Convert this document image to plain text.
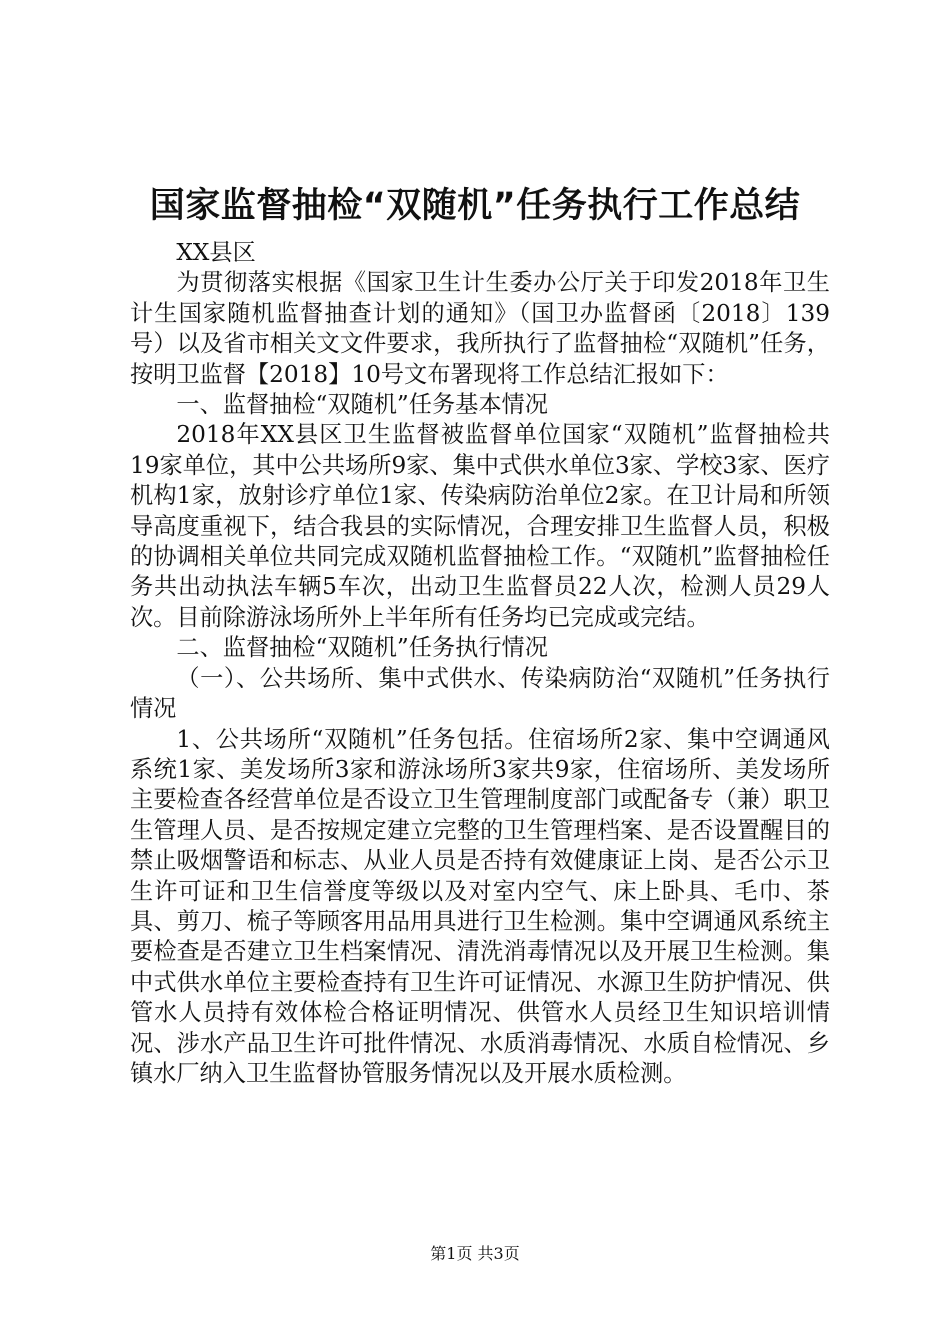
国家监督抽检“双随机”任务执行工作总结

XX县区

为贯彻落实根据《国家卫生计生委办公厅关于印发2018年卫生计生国家随机监督抽查计划的通知》（国卫办监督函〔2018〕139号）以及省市相关文文件要求，我所执行了监督抽检“双随机”任务，按明卫监督【2018】10号文布署现将工作总结汇报如下：

一、监督抽检“双随机”任务基本情况

2018年XX县区卫生监督被监督单位国家“双随机”监督抽检共19家单位，其中公共场所9家、集中式供水单位3家、学校3家、医疗机构1家，放射诊疗单位1家、传染病防治单位2家。在卫计局和所领导高度重视下，结合我县的实际情况，合理安排卫生监督人员，积极的协调相关单位共同完成双随机监督抽检工作。“双随机”监督抽检任务共出动执法车辆5车次，出动卫生监督员22人次，检测人员29人次。目前除游泳场所外上半年所有任务均已完成或完结。

二、监督抽检“双随机”任务执行情况

（一）、公共场所、集中式供水、传染病防治“双随机”任务执行情况

1、公共场所“双随机”任务包括。住宿场所2家、集中空调通风系统1家、美发场所3家和游泳场所3家共9家，住宿场所、美发场所主要检查各经营单位是否设立卫生管理制度部门或配备专（兼）职卫生管理人员、是否按规定建立完整的卫生管理档案、是否设置醒目的禁止吸烟警语和标志、从业人员是否持有效健康证上岗、是否公示卫生许可证和卫生信誉度等级以及对室内空气、床上卧具、毛巾、茶具、剪刀、梳子等顾客用品用具进行卫生检测。集中空调通风系统主要检查是否建立卫生档案情况、清洗消毒情况以及开展卫生检测。集中式供水单位主要检查持有卫生许可证情况、水源卫生防护情况、供管水人员持有效体检合格证明情况、供管水人员经卫生知识培训情况、涉水产品卫生许可批件情况、水质消毒情况、水质自检情况、乡镇水厂纳入卫生监督协管服务情况以及开展水质检测。

第1页 共3页
